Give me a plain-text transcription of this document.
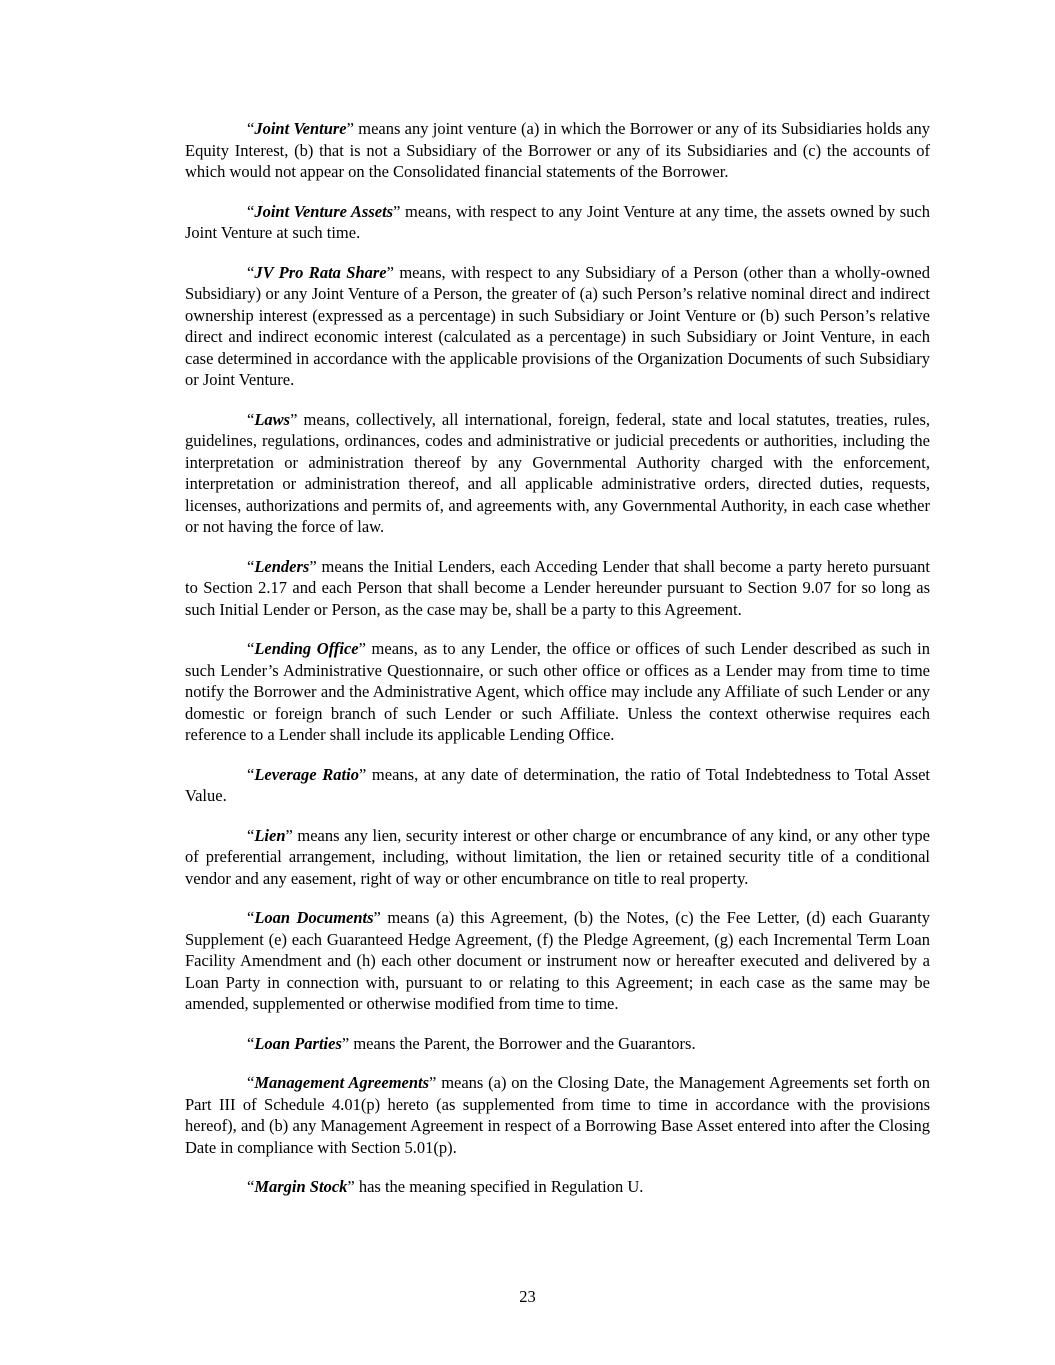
“Joint Venture” means any joint venture (a) in which the Borrower or any of its Subsidiaries holds any Equity Interest, (b) that is not a Subsidiary of the Borrower or any of its Subsidiaries and (c) the accounts of which would not appear on the Consolidated financial statements of the Borrower.

“Joint Venture Assets” means, with respect to any Joint Venture at any time, the assets owned by such Joint Venture at such time.

“JV Pro Rata Share” means, with respect to any Subsidiary of a Person (other than a wholly-owned Subsidiary) or any Joint Venture of a Person, the greater of (a) such Person’s relative nominal direct and indirect ownership interest (expressed as a percentage) in such Subsidiary or Joint Venture or (b) such Person’s relative direct and indirect economic interest (calculated as a percentage) in such Subsidiary or Joint Venture, in each case determined in accordance with the applicable provisions of the Organization Documents of such Subsidiary or Joint Venture.

“Laws” means, collectively, all international, foreign, federal, state and local statutes, treaties, rules, guidelines, regulations, ordinances, codes and administrative or judicial precedents or authorities, including the interpretation or administration thereof by any Governmental Authority charged with the enforcement, interpretation or administration thereof, and all applicable administrative orders, directed duties, requests, licenses, authorizations and permits of, and agreements with, any Governmental Authority, in each case whether or not having the force of law.

“Lenders” means the Initial Lenders, each Acceding Lender that shall become a party hereto pursuant to Section 2.17 and each Person that shall become a Lender hereunder pursuant to Section 9.07 for so long as such Initial Lender or Person, as the case may be, shall be a party to this Agreement.

“Lending Office” means, as to any Lender, the office or offices of such Lender described as such in such Lender’s Administrative Questionnaire, or such other office or offices as a Lender may from time to time notify the Borrower and the Administrative Agent, which office may include any Affiliate of such Lender or any domestic or foreign branch of such Lender or such Affiliate. Unless the context otherwise requires each reference to a Lender shall include its applicable Lending Office.

“Leverage Ratio” means, at any date of determination, the ratio of Total Indebtedness to Total Asset Value.

“Lien” means any lien, security interest or other charge or encumbrance of any kind, or any other type of preferential arrangement, including, without limitation, the lien or retained security title of a conditional vendor and any easement, right of way or other encumbrance on title to real property.

“Loan Documents” means (a) this Agreement, (b) the Notes, (c) the Fee Letter, (d) each Guaranty Supplement (e) each Guaranteed Hedge Agreement, (f) the Pledge Agreement, (g) each Incremental Term Loan Facility Amendment and (h) each other document or instrument now or hereafter executed and delivered by a Loan Party in connection with, pursuant to or relating to this Agreement; in each case as the same may be amended, supplemented or otherwise modified from time to time.

“Loan Parties” means the Parent, the Borrower and the Guarantors.

“Management Agreements” means (a) on the Closing Date, the Management Agreements set forth on Part III of Schedule 4.01(p) hereto (as supplemented from time to time in accordance with the provisions hereof), and (b) any Management Agreement in respect of a Borrowing Base Asset entered into after the Closing Date in compliance with Section 5.01(p).

“Margin Stock” has the meaning specified in Regulation U.

23
